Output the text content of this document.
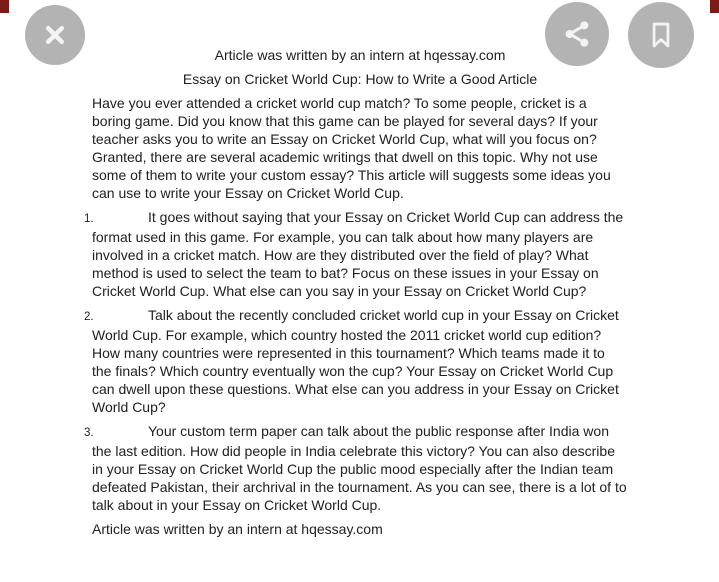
Article was written by an intern at hqessay.com

Essay on Cricket World Cup: How to Write a Good Article

Have you ever attended a cricket world cup match? To some people, cricket is a boring game. Did you know that this game can be played for several days? If your teacher asks you to write an Essay on Cricket World Cup, what will you focus on? Granted, there are several academic writings that dwell on this topic. Why not use some of them to write your custom essay? This article will suggests some ideas you can use to write your Essay on Cricket World Cup.

1.	It goes without saying that your Essay on Cricket World Cup can address the format used in this game. For example, you can talk about how many players are involved in a cricket match. How are they distributed over the field of play? What method is used to select the team to bat? Focus on these issues in your Essay on Cricket World Cup. What else can you say in your Essay on Cricket World Cup?

2.	Talk about the recently concluded cricket world cup in your Essay on Cricket World Cup. For example, which country hosted the 2011 cricket world cup edition? How many countries were represented in this tournament? Which teams made it to the finals? Which country eventually won the cup? Your Essay on Cricket World Cup can dwell upon these questions. What else can you address in your Essay on Cricket World Cup?

3.	Your custom term paper can talk about the public response after India won the last edition. How did people in India celebrate this victory? You can also describe in your Essay on Cricket World Cup the public mood especially after the Indian team defeated Pakistan, their archrival in the tournament. As you can see, there is a lot of to talk about in your Essay on Cricket World Cup.

Article was written by an intern at hqessay.com
